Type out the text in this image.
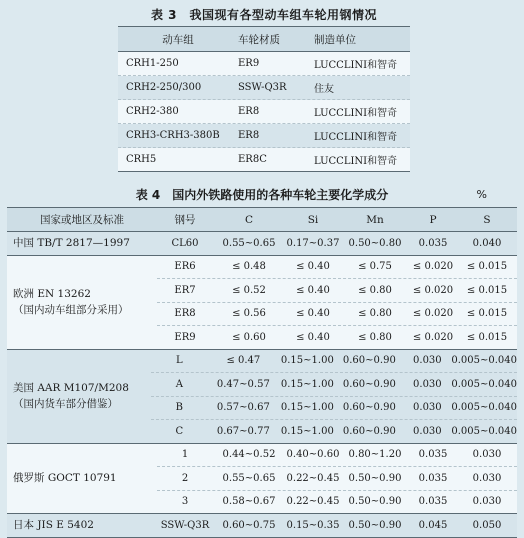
表 3　我国现有各型动车组车轮用钢情况
动车组	车轮材质	制造单位
CRH1-250	ER9	LUCCLINI和智奇
CRH2-250/300	SSW-Q3R	住友
CRH2-380	ER8	LUCCLINI和智奇
CRH3-CRH3-380B	ER8	LUCCLINI和智奇
CRH5	ER8C	LUCCLINI和智奇
表 4　国内外铁路使用的各种车轮主要化学成分	%
国家或地区及标准	钢号	C	Si	Mn	P	S
中国 TB/T 2817—1997	CL60	0.55~0.65	0.17~0.37 0.50~0.80	0.035	0.040
欧洲 EN 13262
（国内动车组部分采用）
ER6	≤ 0.48	≤ 0.40	≤ 0.75	≤ 0.020	≤ 0.015
ER7	≤ 0.52	≤ 0.40	≤ 0.80	≤ 0.020	≤ 0.015
ER8	≤ 0.56	≤ 0.40	≤ 0.80	≤ 0.020	≤ 0.015
ER9	≤ 0.60	≤ 0.40	≤ 0.80	≤ 0.020	≤ 0.015
美国 AAR M107/M208
（国内货车部分借鉴）
L	≤ 0.47	0.15~1.00 0.60~0.90	0.030 0.005~0.040
A	0.47~0.57	0.15~1.00 0.60~0.90	0.030 0.005~0.040
B	0.57~0.67	0.15~1.00 0.60~0.90	0.030 0.005~0.040
C	0.67~0.77	0.15~1.00 0.60~0.90	0.030 0.005~0.040
俄罗斯 GOCT 10791
1	0.44~0.52	0.40~0.60 0.80~1.20	0.035	0.030
2	0.55~0.65	0.22~0.45 0.50~0.90	0.035	0.030
3	0.58~0.67	0.22~0.45 0.50~0.90	0.035	0.030
日本 JIS E 5402	SSW-Q3R	0.60~0.75	0.15~0.35 0.50~0.90	0.045	0.050
